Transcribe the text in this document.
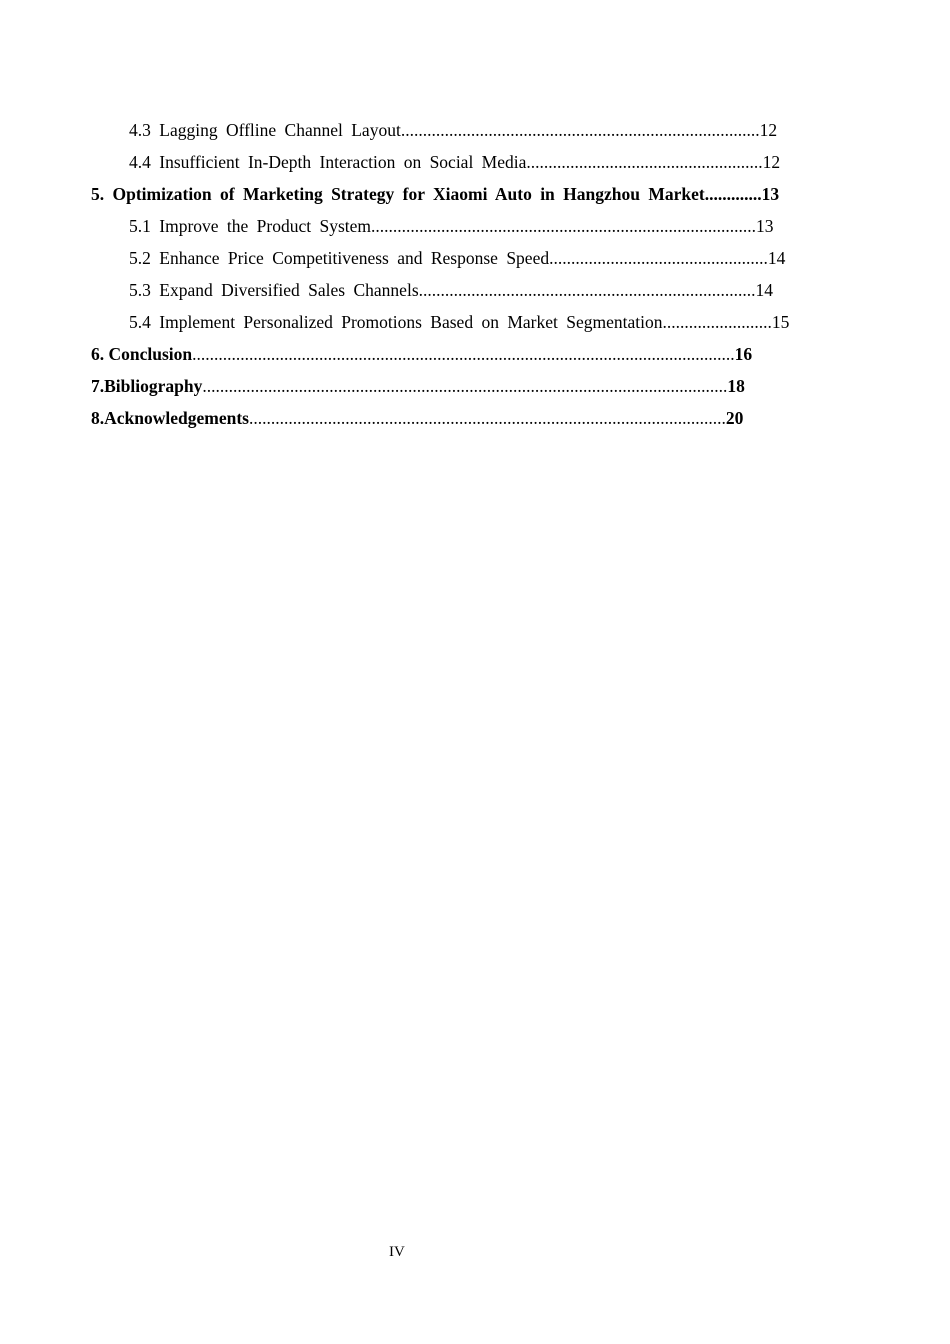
4.3 Lagging Offline Channel Layout..................................................................................12
4.4 Insufficient In-Depth Interaction on Social Media......................................................12
5. Optimization of Marketing Strategy for Xiaomi Auto in Hangzhou Market.............13
5.1 Improve the Product System........................................................................................13
5.2 Enhance Price Competitiveness and Response Speed..................................................14
5.3 Expand Diversified Sales Channels.............................................................................14
5.4 Implement Personalized Promotions Based on Market Segmentation.........................15
6. Conclusion............................................................................................................................16
7.Bibliography........................................................................................................................18
8.Acknowledgements.............................................................................................................20
IV
